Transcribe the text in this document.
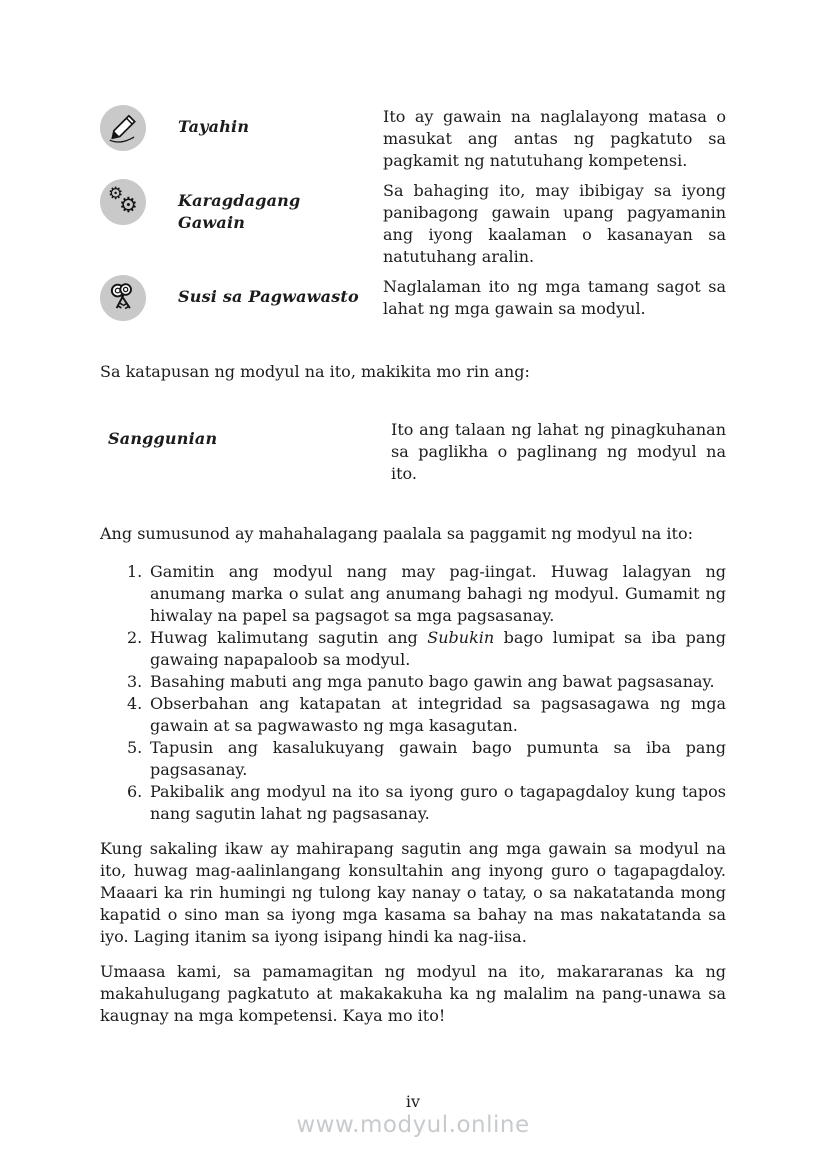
Tayahin
Ito ay gawain na naglalayong matasa o masukat ang antas ng pagkatuto sa pagkamit ng natutuhang kompetensi.
⚙
⚙	Karagdagang Gawain
Sa bahaging ito, may ibibigay sa iyong panibagong gawain upang pagyamanin ang iyong kaalaman o kasanayan sa natutuhang aralin.
Susi sa Pagwawasto
Naglalaman ito ng mga tamang sagot sa lahat ng mga gawain sa modyul.

Sa katapusan ng modyul na ito, makikita mo rin ang:

Sanggunian	Ito ang talaan ng lahat ng pinagkuhanan sa paglikha o paglinang ng modyul na ito.

Ang sumusunod ay mahahalagang paalala sa paggamit ng modyul na ito:

1. Gamitin ang modyul nang may pag-iingat. Huwag lalagyan ng anumang marka o sulat ang anumang bahagi ng modyul. Gumamit ng hiwalay na papel sa pagsagot sa mga pagsasanay.
2. Huwag kalimutang sagutin ang Subukin bago lumipat sa iba pang gawaing napapaloob sa modyul.
3. Basahing mabuti ang mga panuto bago gawin ang bawat pagsasanay.
4. Obserbahan ang katapatan at integridad sa pagsasagawa ng mga gawain at sa pagwawasto ng mga kasagutan.
5. Tapusin ang kasalukuyang gawain bago pumunta sa iba pang pagsasanay.
6. Pakibalik ang modyul na ito sa iyong guro o tagapagdaloy kung tapos nang sagutin lahat ng pagsasanay.

Kung sakaling ikaw ay mahirapang sagutin ang mga gawain sa modyul na ito, huwag mag-aalinlangang konsultahin ang inyong guro o tagapagdaloy. Maaari ka rin humingi ng tulong kay nanay o tatay, o sa nakatatanda mong kapatid o sino man sa iyong mga kasama sa bahay na mas nakatatanda sa iyo. Laging itanim sa iyong isipang hindi ka nag-iisa.

Umaasa kami, sa pamamagitan ng modyul na ito, makararanas ka ng makahulugang pagkatuto at makakakuha ka ng malalim na pang-unawa sa kaugnay na mga kompetensi. Kaya mo ito!

iv
www.modyul.online
